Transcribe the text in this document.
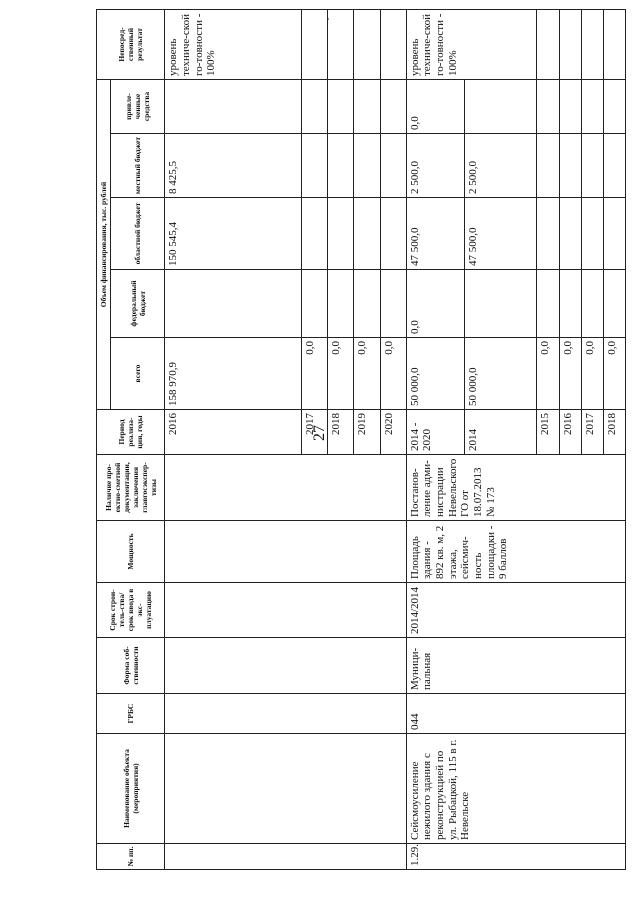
27
№ пп.	Наименование объекта (мероприятия)	ГРБС	Форма соб-ственности	Срок строи-тель-ства/срок ввода в экс-плуатацию	Мощность	Наличие про-ектно-сметной документации, заключения главгосэкспер-тизы	Период реализа-ции, годы	Объем финансирования, тыс. рублей					Непосред-ственный результат
								всего	федеральный бюджет	областной бюджет	местный бюджет	привле-ченные средства	
							2016	158 970,9		150 545,4	8 425,5		уровень техниче-ской го-товности - 100%
							2017	0,0					
							2018	0,0					
							2019	0,0					
							2020	0,0					
1.29.	Сейсмоусиление нежилого здания с реконструкцией по ул. Рыбацкой, 115 в г. Невельске	044	Муници-пальная	2014/2014	Площадь здания - 892 кв. м, 2 этажа, сейсмич-ность площадки - 9 баллов	Постанов-ление адми-нистрации Невельского ГО от 18.07.2013 № 173	2014 - 2020	50 000,0	0,0	47 500,0	2 500,0	0,0	уровень техниче-ской го-товности - 100%
							2014	50 000,0		47 500,0	2 500,0		
							2015	0,0					
							2016	0,0					
							2017	0,0					
							2018	0,0					
